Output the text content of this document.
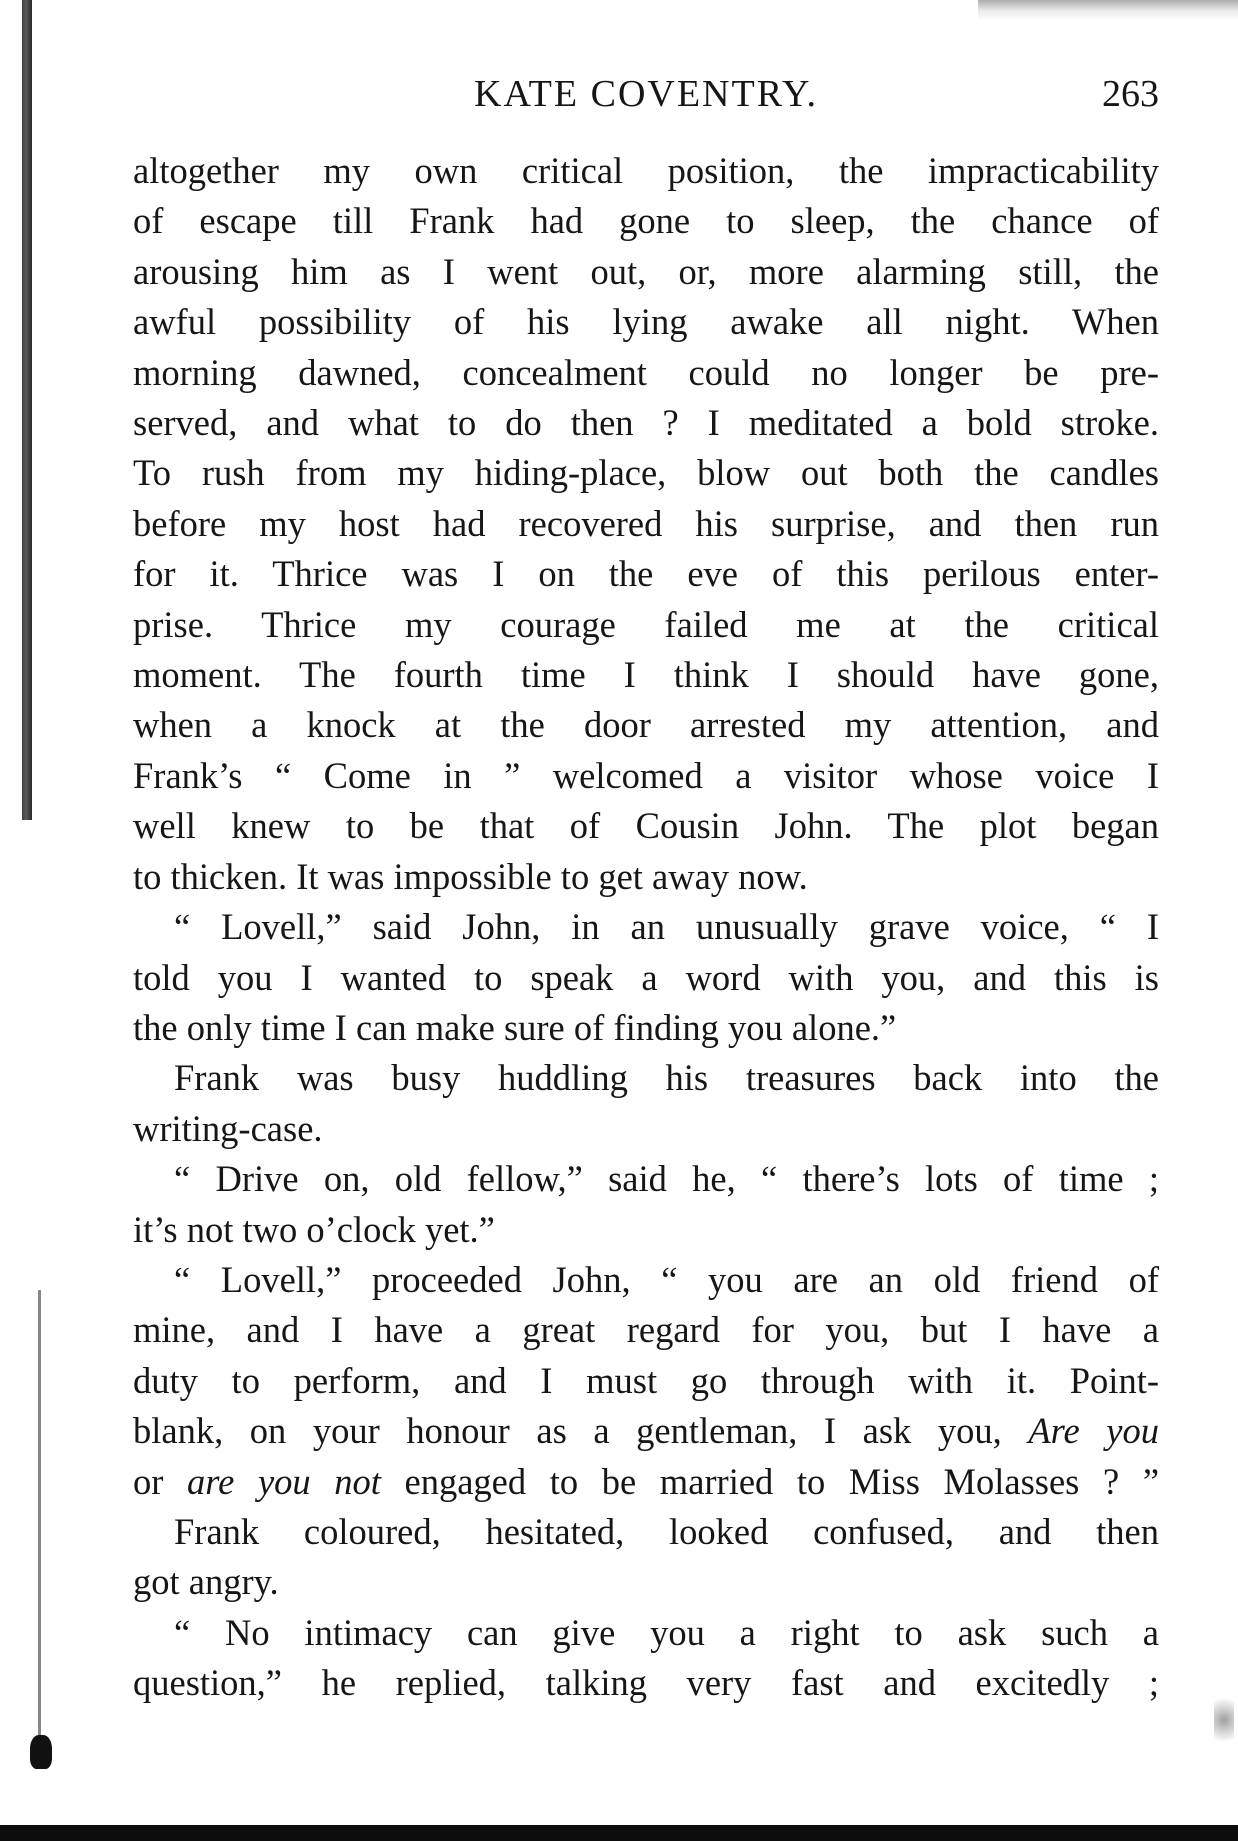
KATE COVENTRY.	263

altogether my own critical position, the impracticability

of escape till Frank had gone to sleep, the chance of

arousing him as I went out, or, more alarming still, the

awful possibility of his lying awake all night. When

morning dawned, concealment could no longer be pre-

served, and what to do then ? I meditated a bold stroke.

To rush from my hiding-place, blow out both the candles

before my host had recovered his surprise, and then run

for it. Thrice was I on the eve of this perilous enter-

prise. Thrice my courage failed me at the critical

moment. The fourth time I think I should have gone,

when a knock at the door arrested my attention, and

Frank’s “ Come in ” welcomed a visitor whose voice I

well knew to be that of Cousin John. The plot began

to thicken. It was impossible to get away now.

“ Lovell,” said John, in an unusually grave voice, “ I

told you I wanted to speak a word with you, and this is

the only time I can make sure of finding you alone.”

Frank was busy huddling his treasures back into the

writing-case.

“ Drive on, old fellow,” said he, “ there’s lots of time ;

it’s not two o’clock yet.”

“ Lovell,” proceeded John, “ you are an old friend of

mine, and I have a great regard for you, but I have a

duty to perform, and I must go through with it. Point-

blank, on your honour as a gentleman, I ask you, Are you

or are you not engaged to be married to Miss Molasses ? ”

Frank coloured, hesitated, looked confused, and then

got angry.

“ No intimacy can give you a right to ask such a

question,” he replied, talking very fast and excitedly ;
